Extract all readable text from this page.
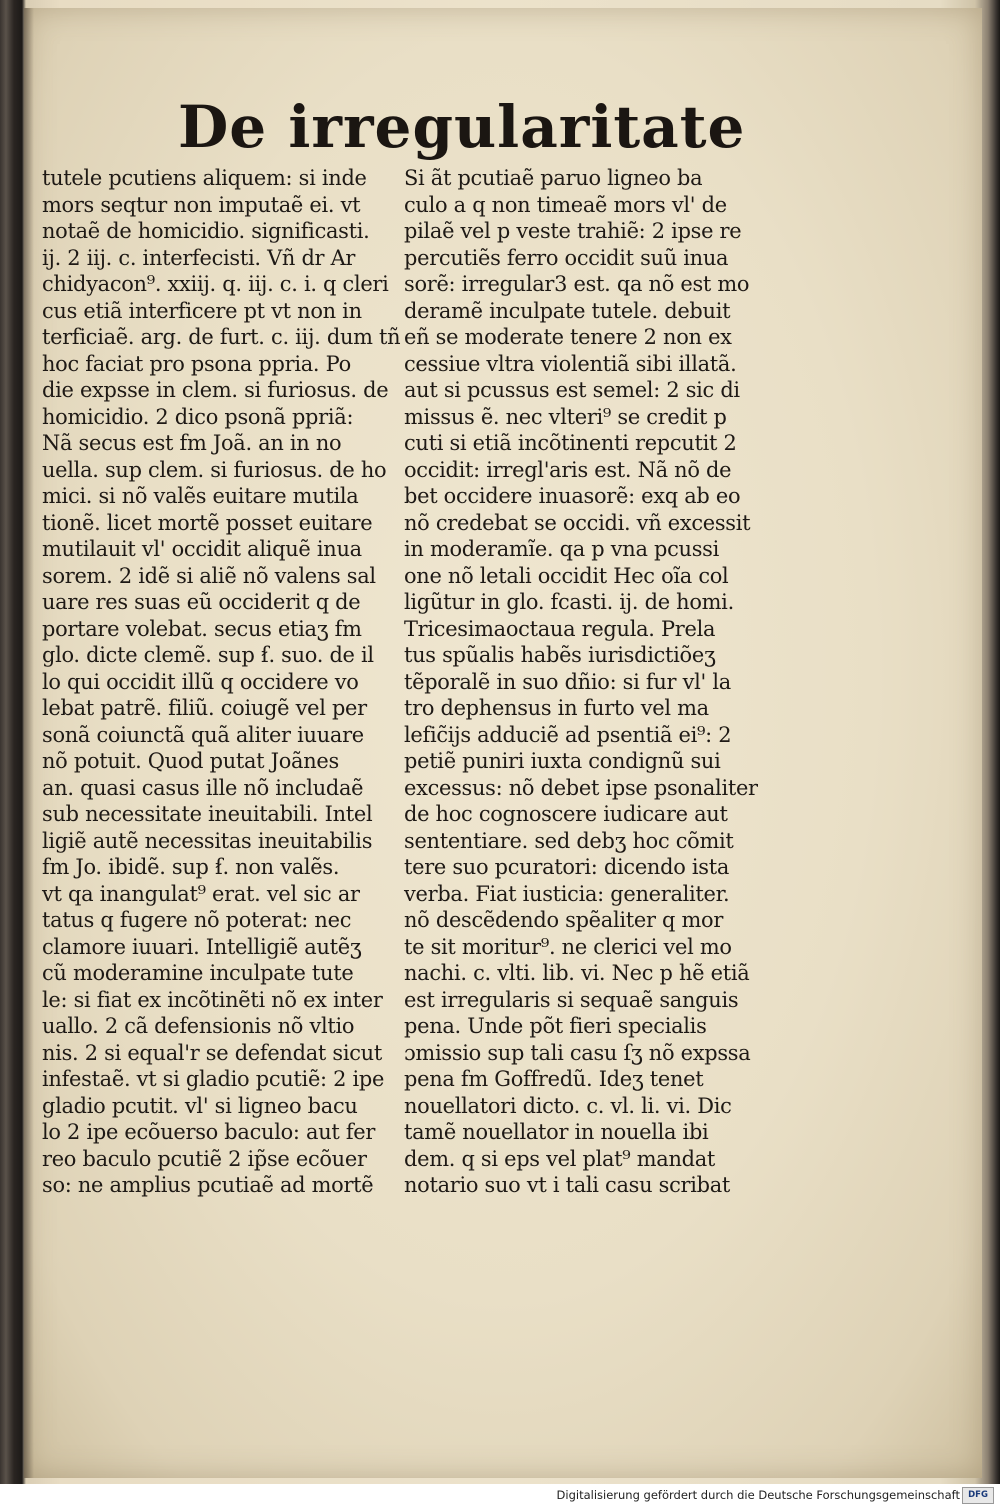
De irregularitate
tutele pcutiens aliquem: si inde
mors seqtur non imputaẽ ei. vt
notaẽ de homicidio. significasti.
ij. 2 iij. c. interfecisti. Vñ dr Ar
chidyacon⁹. xxiij. q. iij. c. i. q cleri
cus etiã interficere pt vt non in
terficiaẽ. arg. de furt. c. iij. dum tñ
hoc faciat pro psona ppria. Po
die expsse in clem. si furiosus. de
homicidio. 2 dico psonã ppriã:
Nã secus est fm Joã. an in no
uella. sup clem. si furiosus. de ho
mici. si nõ valẽs euitare mutila
tionẽ. licet mortẽ posset euitare
mutilauit vl' occidit aliquẽ inua
sorem. 2 idẽ si aliẽ nõ valens sal
uare res suas eũ occiderit q de
portare volebat. secus etiaʒ fm
glo. dicte clemẽ. sup ẜ. suo. de il
lo qui occidit illũ q occidere vo
lebat patrẽ. filiũ. coiugẽ vel per
sonã coiunctã quã aliter iuuare
nõ potuit. Quod putat Joãnes
an. quasi casus ille nõ includaẽ
sub necessitate ineuitabili. Intel
ligiẽ autẽ necessitas ineuitabilis
fm Jo. ibidẽ. sup ẜ. non valẽs.
vt qa inangulat⁹ erat. vel sic ar
tatus q fugere nõ poterat: nec
clamore iuuari. Intelligiẽ autẽʒ
cũ moderamine inculpate tute
le: si fiat ex incõtinẽti nõ ex inter
uallo. 2 cã defensionis nõ vltio
nis. 2 si equal'r se defendat sicut
infestaẽ. vt si gladio pcutiẽ: 2 ipe
gladio pcutit. vl' si ligneo bacu
lo 2 ipe ecõuerso baculo: aut fer
reo baculo pcutiẽ 2 ip̃se ecõuer
so: ne amplius pcutiaẽ ad mortẽ
Si ãt pcutiaẽ paruo ligneo ba
culo a q non timeaẽ mors vl' de
pilaẽ vel p veste trahiẽ: 2 ipse re
percutiẽs ferro occidit suũ inua
sorẽ: irregular3 est. qa nõ est mo
deramẽ inculpate tutele. debuit
eñ se moderate tenere 2 non ex
cessiue vltra violentiã sibi illatã.
aut si pcussus est semel: 2 sic di
missus ẽ. nec vlteri⁹ se credit p
cuti si etiã incõtinenti repcutit 2
occidit: irregl'aris est. Nã nõ de
bet occidere inuasorẽ: exq ab eo
nõ credebat se occidi. vñ excessit
in moderamĩe. qa p vna pcussi
one nõ letali occidit Hec oĩa col
ligũtur in glo. fcasti. ij. de homi.
Tricesimaoctaua regula. Prela
tus spũalis habẽs iurisdictiõeʒ
tẽporalẽ in suo dñio: si fur vl' la
tro dephensus in furto vel ma
lefic̃ijs adduciẽ ad psentiã ei⁹: 2
petiẽ puniri iuxta condignũ sui
excessus: nõ debet ipse psonaliter
de hoc cognoscere iudicare aut
sententiare. sed debʒ hoc cõmit
tere suo pcuratori: dicendo ista
verba. Fiat iusticia: generaliter.
nõ descẽdendo spẽaliter q mor
te sit moritur⁹. ne clerici vel mo
nachi. c. vlti. lib. vi. Nec p hẽ etiã
est irregularis si sequaẽ sanguis
pena. Unde põt fieri specialis
ɔmissio sup tali casu ſʒ nõ expssa
pena fm Goffredũ. Ideʒ tenet
nouellatori dicto. c. vl. li. vi. Dic
tamẽ nouellator in nouella ibi
dem. q si eps vel plat⁹ mandat
notario suo vt i tali casu scribat
Digitalisierung gefördert durch die Deutsche Forschungsgemeinschaft DFG
